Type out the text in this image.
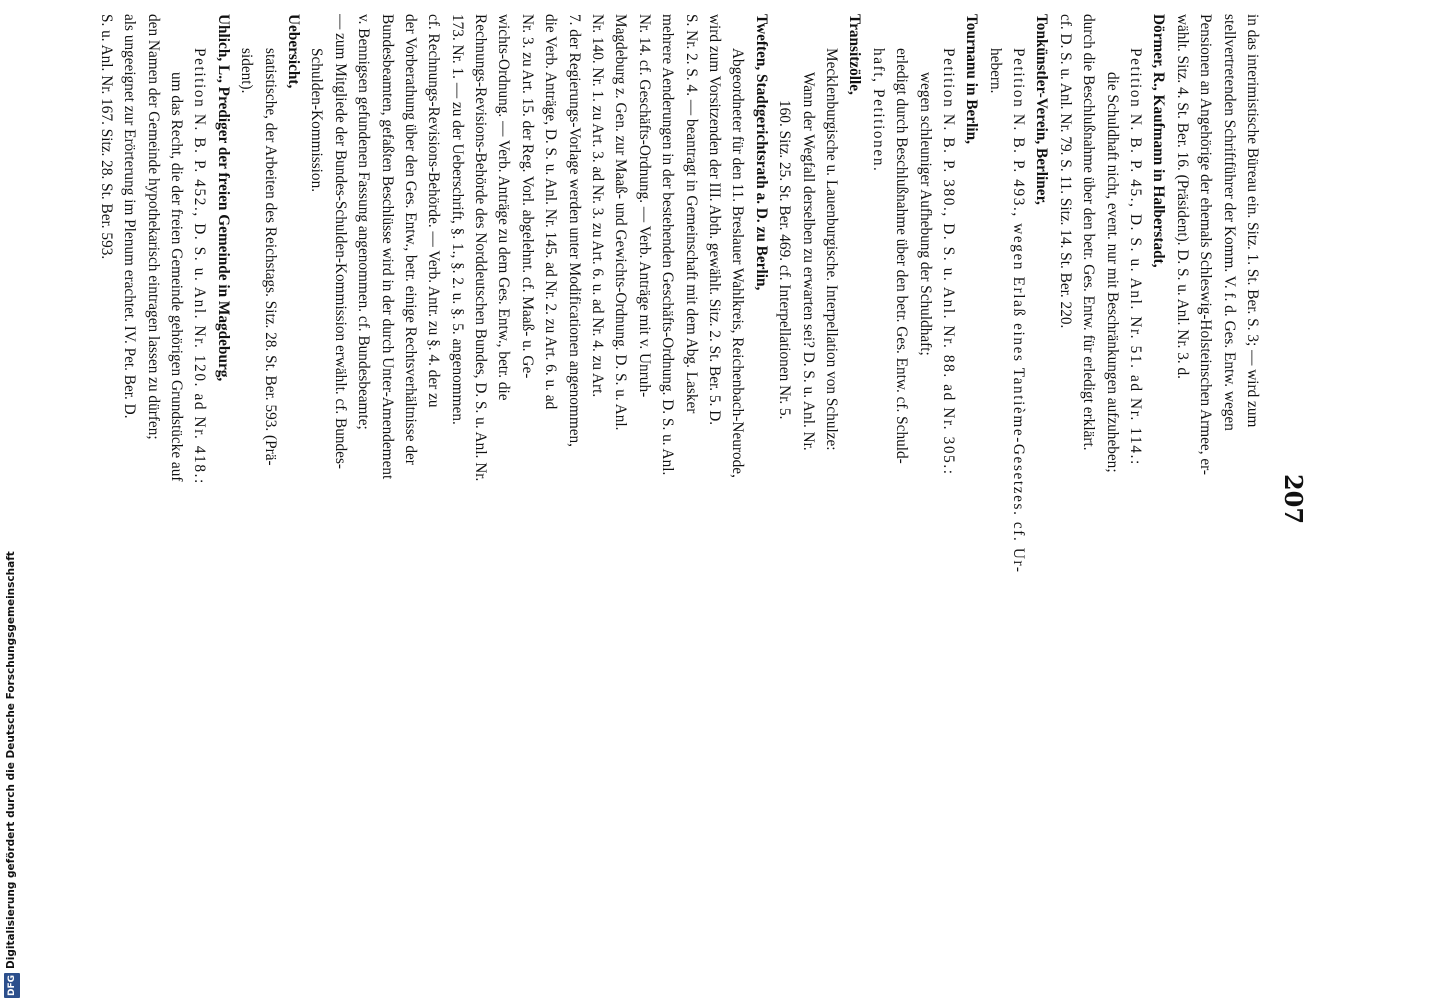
207
in das interimistische Büreau ein. Sitz. 1. St. Ber. S. 3; — wird zum
stellvertretenden Schriftführer der Komm. V. f. d. Ges. Entw. wegen
Pensionen an Angehörige der ehemals Schleswig-Holsteinschen Armee, er-
wählt. Sitz. 4. St. Ber. 16. (Präsident). D. S. u. Anl. Nr. 3. d.
Dörmer, R., Kaufmann in Halberstadt,
Petition N. B. P. 45., D. S. u. Anl. Nr. 51. ad Nr. 114.:
die Schuldhaft nicht, event. nur mit Beschränkungen aufzuheben;
durch die Beschlußnahme über den betr. Ges. Entw. für erledigt erklärt.
cf. D. S. u. Anl. Nr. 79. S. 11. Sitz. 14. St. Ber. 220.
Tonkünstler-Verein, Berliner,
Petition N. B. P. 493., wegen Erlaß eines Tantième-Gesetzes. cf. Ur-
hebern.
Tournanu in Berlin,
Petition N. B. P. 380., D. S. u. Anl. Nr. 88. ad Nr. 305.:
wegen schleuniger Aufhebung der Schuldhaft;
erledigt durch Beschlußnahme über den betr. Ges. Entw. cf. Schuld-
haft, Petitionen.
Transitzölle,
Mecklenburgische u. Lauenburgische. Interpellation von Schulze:
Wann der Wegfall derselben zu erwarten sei? D. S. u. Anl. Nr.
160. Sitz. 25. St. Ber. 469. cf. Interpellationen Nr. 5.
Tweften, Stadtgerichtsrath a. D. zu Berlin,
Abgeordneter für den 11. Breslauer Wahlkreis, Reichenbach-Neurode,
wird zum Vorsitzenden der III. Abth. gewählt. Sitz. 2. St. Ber. 5. D.
S. Nr. 2. S. 4. — beantragt in Gemeinschaft mit dem Abg. Lasker
mehrere Aenderungen in der bestehenden Geschäfts-Ordnung. D. S. u. Anl.
Nr. 14. cf. Geschäfts-Ordnung. — Verb. Anträge mit v. Unruh-
Magdeburg z. Gen. zur Maaß- und Gewichts-Ordnung. D. S. u. Anl.
Nr. 140. Nr. 1. zu Art. 3. ad Nr. 3. zu Art. 6. u. ad Nr. 4. zu Art.
7. der Regierungs-Vorlage werden unter Modificationen angenommen,
die Verb. Anträge, D. S. u. Anl. Nr. 145. ad Nr. 2. zu Art. 6. u. ad
Nr. 3. zu Art. 15. der Reg. Vorl. abgelehnt. cf. Maaß- u. Ge-
wichts-Ordnung. — Verb. Anträge zu dem Ges. Entw., betr. die
Rechnungs-Revisions-Behörde des Norddeutschen Bundes, D. S. u. Anl. Nr.
173. Nr. 1. — zu der Ueberschrift, §. 1., §. 2. u. §. 5. angenommen.
cf. Rechnungs-Revisions-Behörde. — Verb. Antr. zu §. 4. der zu
der Vorberathung über den Ges. Entw., betr. einige Rechtsverhältnisse der
Bundesbeamten, gefaßten Beschlüsse wird in der durch Unter-Amendement
v. Bennigsen gefundenen Fassung angenommen. cf. Bundesbeamte;
— zum Mitgliede der Bundes-Schulden-Kommission erwählt. cf. Bundes-
Schulden-Kommission.
Uebersicht,
statistische, der Arbeiten des Reichstags. Sitz. 28. St. Ber. 593. (Prä-
sident).
Uhlich, L., Prediger der freien Gemeinde in Magdeburg,
Petition N. B. P. 452., D. S. u. Anl. Nr. 120. ad Nr. 418.:
um das Recht, die der freien Gemeinde gehörigen Grundstücke auf
den Namen der Gemeinde hypothekarisch eintragen lassen zu dürfen;
als ungeeignet zur Erörterung im Plenum erachtet. IV. Pet. Ber. D.
S. u. Anl. Nr. 167. Sitz. 28. St. Ber. 593.
DFGDigitalisierung gefördert durch die Deutsche Forschungsgemeinschaft
